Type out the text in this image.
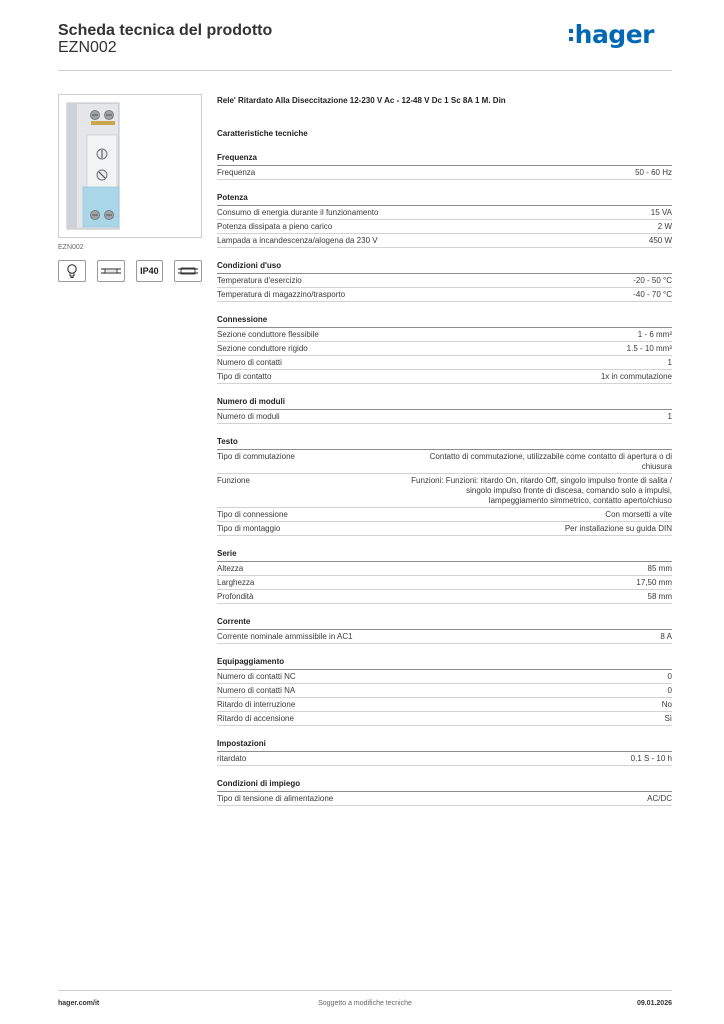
Scheda tecnica del prodotto
EZN002	hager
EZN002
IP40
Rele' Ritardato Alla Diseccitazione 12-230 V Ac - 12-48 V Dc 1 Sc 8A 1 M. Din
Caratteristiche tecniche
Frequenza
Frequenza	50 - 60 Hz
Potenza
Consumo di energia durante il funzionamento	15 VA
Potenza dissipata a pieno carico	2 W
Lampada a incandescenza/alogena da 230 V	450 W
Condizioni d'uso
Temperatura d'esercizio	-20 - 50 °C
Temperatura di magazzino/trasporto	-40 - 70 °C
Connessione
Sezione conduttore flessibile	1 - 6 mm²
Sezione conduttore rigido	1.5 - 10 mm²
Numero di contatti	1
Tipo di contatto	1x in commutazione
Numero di moduli
Numero di moduli	1
Testo
Tipo di commutazione	Contatto di commutazione, utilizzabile come contatto di apertura o di chiusura
Funzione	Funzioni: Funzioni: ritardo On, ritardo Off, singolo impulso fronte di salita / singolo impulso fronte di discesa, comando solo a impulsi, lampeggiamento simmetrico, contatto aperto/chiuso
Tipo di connessione	Con morsetti a vite
Tipo di montaggio	Per installazione su guida DIN
Serie
Altezza	85 mm
Larghezza	17,50 mm
Profondità	58 mm
Corrente
Corrente nominale ammissibile in AC1	8 A
Equipaggiamento
Numero di contatti NC	0
Numero di contatti NA	0
Ritardo di interruzione	No
Ritardo di accensione	Sì
Impostazioni
ritardato	0.1 S - 10 h
Condizioni di impiego
Tipo di tensione di alimentazione	AC/DC
hager.com/it	Soggetto a modifiche tecniche	09.01.2026
